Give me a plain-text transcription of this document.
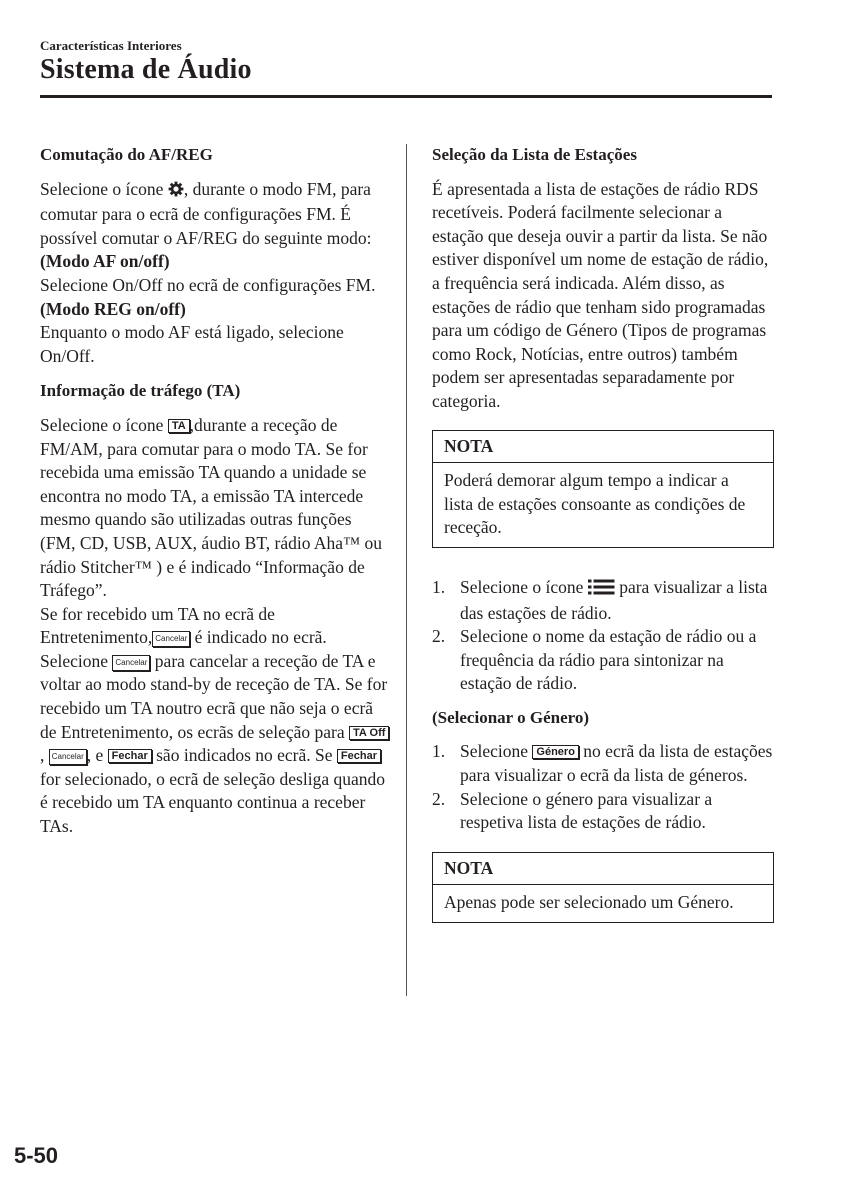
Características Interiores
Sistema de Áudio
Comutação do AF/REG

Selecione o ícone , durante o modo FM, para comutar para o ecrã de configurações FM. É possível comutar o AF/REG do seguinte modo:

(Modo AF on/off)

Selecione On/Off no ecrã de configurações FM.

(Modo REG on/off)

Enquanto o modo AF está ligado, selecione On/Off.

Informação de tráfego (TA)

Selecione o ícone TA ,durante a receção de FM/AM, para comutar para o modo TA. Se for recebida uma emissão TA quando a unidade se encontra no modo TA, a emissão TA intercede mesmo quando são utilizadas outras funções (FM, CD, USB, AUX, áudio BT, rádio Aha™ ou rádio Stitcher™ ) e é indicado “Informação de Tráfego”.

Se for recebido um TA no ecrã de Entretenimento, Cancelar é indicado no ecrã. Selecione Cancelar para cancelar a receção de TA e voltar ao modo stand-by de receção de TA. Se for recebido um TA noutro ecrã que não seja o ecrã de Entretenimento, os ecrãs de seleção para TA Off, Cancelar , e Fechar são indicados no ecrã. Se Fechar for selecionado, o ecrã de seleção desliga quando é recebido um TA enquanto continua a receber TAs.

Seleção da Lista de Estações

É apresentada a lista de estações de rádio RDS recetíveis. Poderá facilmente selecionar a estação que deseja ouvir a partir da lista. Se não estiver disponível um nome de estação de rádio, a frequência será indicada. Além disso, as estações de rádio que tenham sido programadas para um código de Género (Tipos de programas como Rock, Notícias, entre outros) também podem ser apresentadas separadamente por categoria.

NOTA
Poderá demorar algum tempo a indicar a lista de estações consoante as condições de receção.
1. Selecione o ícone para visualizar a lista das estações de rádio.
2. Selecione o nome da estação de rádio ou a frequência da rádio para sintonizar na estação de rádio.
(Selecionar o Género)
1. Selecione Género no ecrã da lista de estações para visualizar o ecrã da lista de géneros.
2. Selecione o género para visualizar a respetiva lista de estações de rádio.
NOTA
Apenas pode ser selecionado um Género.
5-50
